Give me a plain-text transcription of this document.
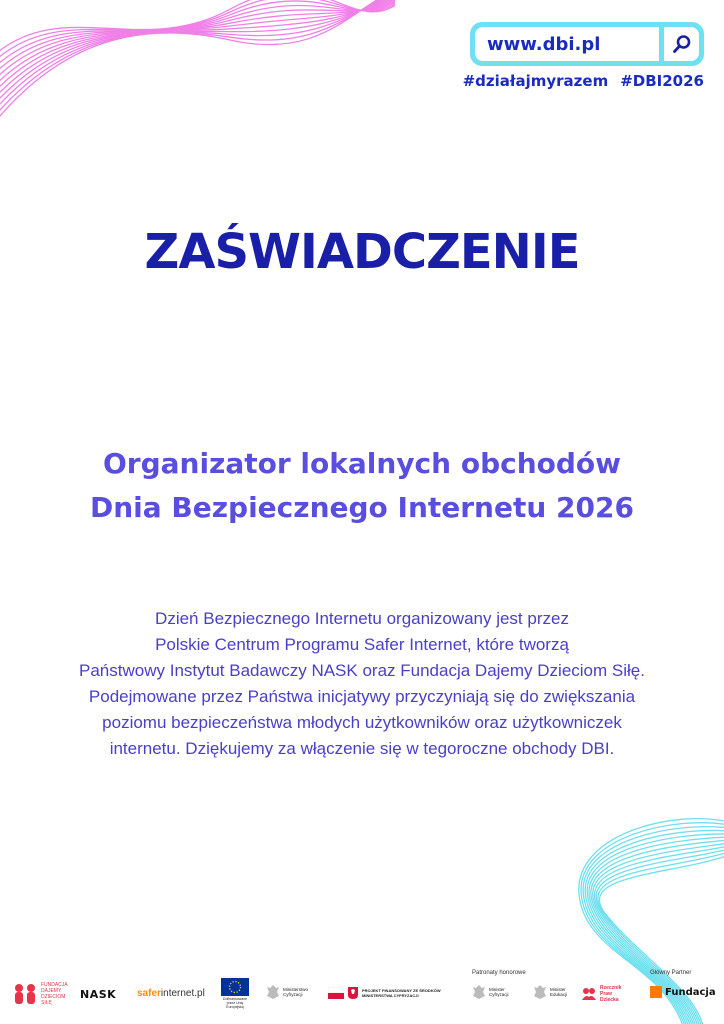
www.dbi.pl
#działajmyrazem #DBI2026
ZAŚWIADCZENIE
Organizator lokalnych obchodów
Dnia Bezpiecznego Internetu 2026
Dzień Bezpiecznego Internetu organizowany jest przez
Polskie Centrum Programu Safer Internet, które tworzą
Państwowy Instytut Badawczy NASK oraz Fundacja Dajemy Dzieciom Siłę.
Podejmowane przez Państwa inicjatywy przyczyniają się do zwiększania
poziomu bezpieczeństwa młodych użytkowników oraz użytkowniczek
internetu. Dziękujemy za włączenie się w tegoroczne obchody DBI.
FUNDACJA DAJEMY DZIECIOM SIŁĘ
NASK safer internet.pl	Dofinansowane przez Unię Europejską
Ministerstwo Cyfryzacji
PROJEKT FINANSOWANY ZE ŚRODKÓW MINISTERSTWA CYFRYZACJI
Patronaty honorowe
Minister Cyfryzacji
Minister Edukacji
Rzecznik Praw Dziecka
Główny Partner
Fundacja
